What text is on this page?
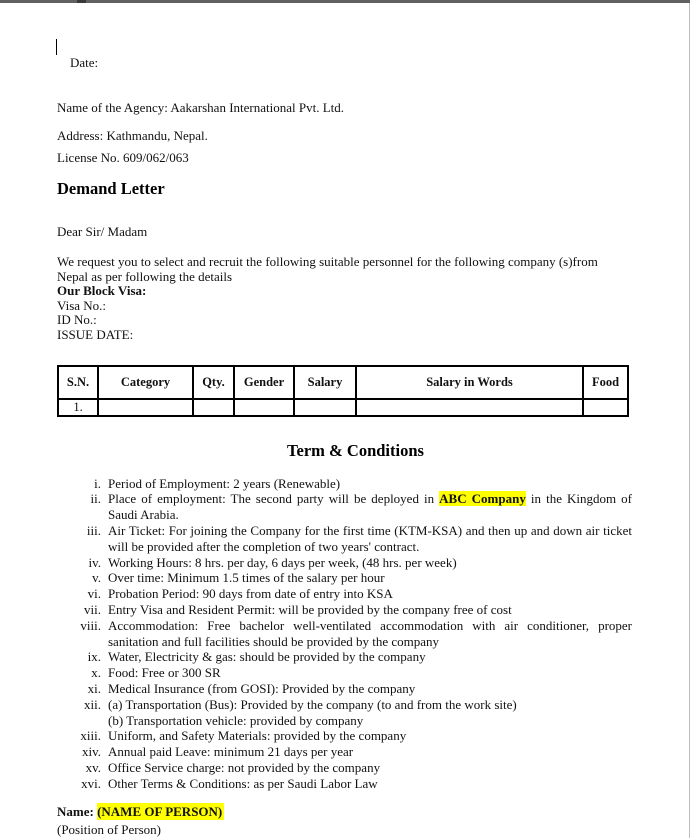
Date:

Name of the Agency: Aakarshan International Pvt. Ltd.
Address: Kathmandu, Nepal.
License No. 609/062/063
Demand Letter
Dear Sir/ Madam
We request you to select and recruit the following suitable personnel for the following company (s)from Nepal as per following the details
Our Block Visa:
Visa No.:
ID No.:
ISSUE DATE:
S.N.	Category	Qty.	Gender	Salary	Salary in Words	Food
1.						
Term & Conditions
i. Period of Employment: 2 years (Renewable)
ii. Place of employment: The second party will be deployed in ABC Company in the Kingdom of Saudi Arabia.
iii. Air Ticket: For joining the Company for the first time (KTM-KSA) and then up and down air ticket will be provided after the completion of two years' contract.
iv. Working Hours: 8 hrs. per day, 6 days per week, (48 hrs. per week)
v. Over time: Minimum 1.5 times of the salary per hour
vi. Probation Period: 90 days from date of entry into KSA
vii. Entry Visa and Resident Permit: will be provided by the company free of cost
viii. Accommodation: Free bachelor well-ventilated accommodation with air conditioner, proper sanitation and full facilities should be provided by the company
ix. Water, Electricity & gas: should be provided by the company
x. Food: Free or 300 SR
xi. Medical Insurance (from GOSI): Provided by the company
xii. (a) Transportation (Bus): Provided by the company (to and from the work site)
(b) Transportation vehicle: provided by company
xiii. Uniform, and Safety Materials: provided by the company
xiv. Annual paid Leave: minimum 21 days per year
xv. Office Service charge: not provided by the company
xvi. Other Terms & Conditions: as per Saudi Labor Law
Name: (NAME OF PERSON)
(Position of Person)
